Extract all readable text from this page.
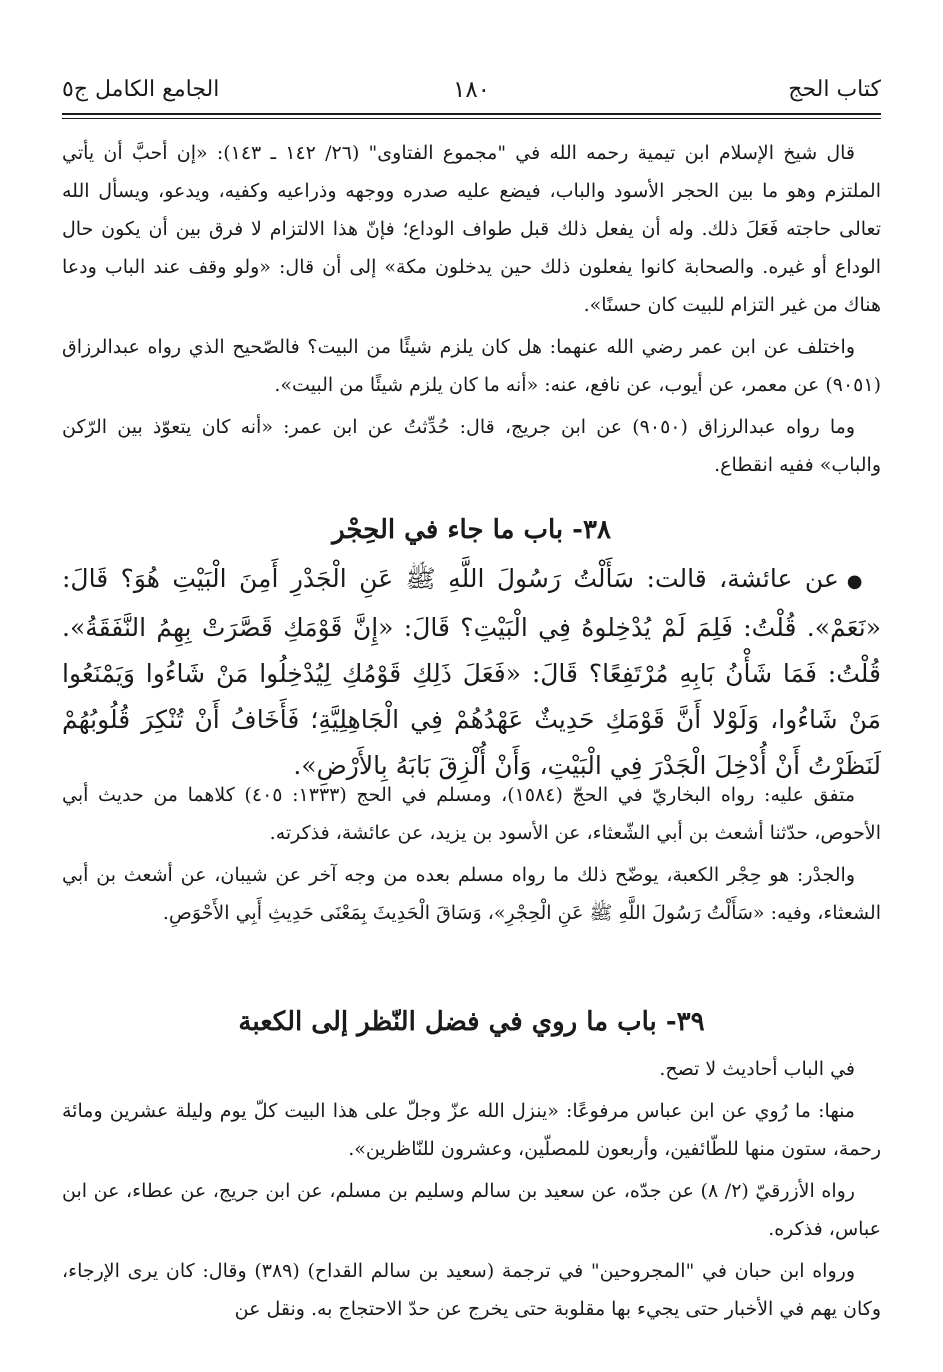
كتاب الحج
١٨٠
الجامع الكامل ج٥

قال شيخ الإسلام ابن تيمية رحمه الله في "مجموع الفتاوى" (٢٦/ ١٤٢ ـ ١٤٣): «إن أحبَّ أن يأتي الملتزم وهو ما بين الحجر الأسود والباب، فيضع عليه صدره ووجهه وذراعيه وكفيه، ويدعو، ويسأل الله تعالى حاجته فَعَلَ ذلك. وله أن يفعل ذلك قبل طواف الوداع؛ فإنّ هذا الالتزام لا فرق بين أن يكون حال الوداع أو غيره. والصحابة كانوا يفعلون ذلك حين يدخلون مكة» إلى أن قال: «ولو وقف عند الباب ودعا هناك من غير التزام للبيت كان حسنًا».

واختلف عن ابن عمر رضي الله عنهما: هل كان يلزم شيئًا من البيت؟ فالصّحيح الذي رواه عبدالرزاق (٩٠٥١) عن معمر، عن أيوب، عن نافع، عنه: «أنه ما كان يلزم شيئًا من البيت».

وما رواه عبدالرزاق (٩٠٥٠) عن ابن جريج، قال: حُدِّثتُ عن ابن عمر: «أنه كان يتعوّذ بين الرّكن والباب» ففيه انقطاع.

٣٨- باب ما جاء في الحِجْر

●عن عائشة، قالت: سَأَلْتُ رَسُولَ اللَّهِ ﷺ عَنِ الْجَدْرِ أَمِنَ الْبَيْتِ هُوَ؟ قَالَ: «نَعَمْ». قُلْتُ: فَلِمَ لَمْ يُدْخِلوهُ فِي الْبَيْتِ؟ قَالَ: «إِنَّ قَوْمَكِ قَصَّرَتْ بِهِمُ النَّفَقَةُ». قُلْتُ: فَمَا شَأْنُ بَابِهِ مُرْتَفِعًا؟ قَالَ: «فَعَلَ ذَلِكِ قَوْمُكِ لِيُدْخِلُوا مَنْ شَاءُوا وَيَمْنَعُوا مَنْ شَاءُوا، وَلَوْلا أَنَّ قَوْمَكِ حَدِيثٌ عَهْدُهُمْ فِي الْجَاهِلِيَّةِ؛ فَأَخَافُ أَنْ تُنْكِرَ قُلُوبُهُمْ لَنَظَرْتُ أَنْ أُدْخِلَ الْجَدْرَ فِي الْبَيْتِ، وَأَنْ أُلْزِقَ بَابَهُ بِالأَرْضِ».

متفق عليه: رواه البخاريّ في الحجّ (١٥٨٤)، ومسلم في الحج (١٣٣٣: ٤٠٥) كلاهما من حديث أبي الأحوص، حدّثنا أشعث بن أبي الشّعثاء، عن الأسود بن يزيد، عن عائشة، فذكرته.

والجدْر: هو حِجْر الكعبة، يوضّح ذلك ما رواه مسلم بعده من وجه آخر عن شيبان، عن أشعث بن أبي الشعثاء، وفيه: «سَأَلْتُ رَسُولَ اللَّهِ ﷺ عَنِ الْحِجْرِ»، وَسَاقَ الْحَدِيثَ بِمَعْنَى حَدِيثِ أَبِي الأَحْوَصِ.

٣٩- باب ما روي في فضل النّظر إلى الكعبة

في الباب أحاديث لا تصح.

منها: ما رُوي عن ابن عباس مرفوعًا: «ينزل الله عزّ وجلّ على هذا البيت كلّ يوم وليلة عشرين ومائة رحمة، ستون منها للطّائفين، وأربعون للمصلّين، وعشرون للنّاظرين».

رواه الأزرقيّ (٢/ ٨) عن جدّه، عن سعيد بن سالم وسليم بن مسلم، عن ابن جريج، عن عطاء، عن ابن عباس، فذكره.

ورواه ابن حبان في "المجروحين" في ترجمة (سعيد بن سالم القداح) (٣٨٩) وقال: كان يرى الإرجاء، وكان يهم في الأخبار حتى يجيء بها مقلوبة حتى يخرج عن حدّ الاحتجاج به. ونقل عن
